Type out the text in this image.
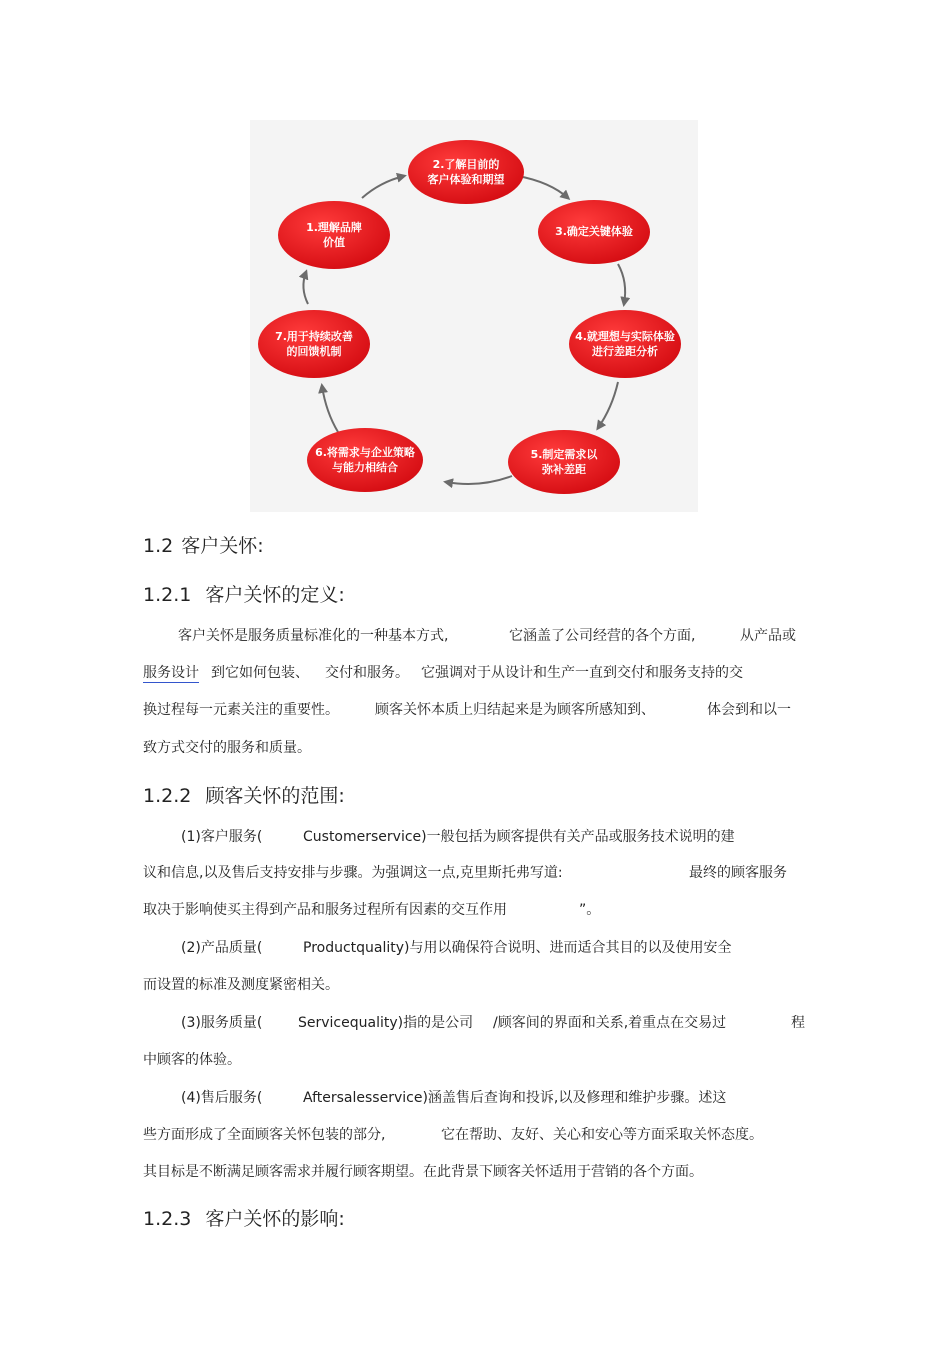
2.了解目前的
客户体验和期望
3.确定关键体验
4.就理想与实际体验
进行差距分析
5.制定需求以
弥补差距
6.将需求与企业策略
与能力相结合
7.用于持续改善
的回馈机制
1.理解品牌
价值
1.2 客户关怀:
1.2.1 客户关怀的定义:
客户关怀是服务质量标准化的一种基本方式,	它涵盖了公司经营的各个方面,	从产品或
服务设计 到它如何包装、 交付和服务。 它强调对于从设计和生产一直到交付和服务支持的交
换过程每一元素关注的重要性。	顾客关怀本质上归结起来是为顾客所感知到、	体会到和以一
致方式交付的服务和质量。
1.2.2 顾客关怀的范围:
(1)客户服务(	Customerservice)一般包括为顾客提供有关产品或服务技术说明的建
议和信息,以及售后支持安排与步骤。为强调这一点,克里斯托弗写道:	最终的顾客服务
取决于影响使买主得到产品和服务过程所有因素的交互作用	”。
(2)产品质量(	Productquality)与用以确保符合说明、进而适合其目的以及使用安全
而设置的标准及测度紧密相关。
(3)服务质量(	Servicequality)指的是公司 /顾客间的界面和关系,着重点在交易过	程
中顾客的体验。
(4)售后服务(	Aftersalesservice)涵盖售后查询和投诉,以及修理和维护步骤。述这
些方面形成了全面顾客关怀包装的部分,	它在帮助、友好、关心和安心等方面采取关怀态度。
其目标是不断满足顾客需求并履行顾客期望。在此背景下顾客关怀适用于营销的各个方面。
1.2.3 客户关怀的影响:
